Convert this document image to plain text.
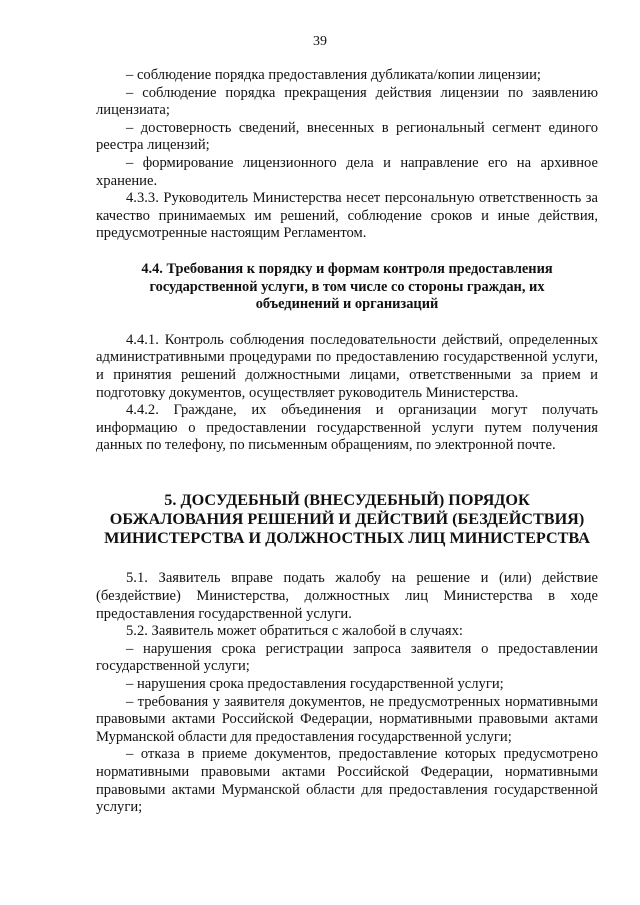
39

– соблюдение порядка предоставления дубликата/копии лицензии;

– соблюдение порядка прекращения действия лицензии по заявлению лицензиата;

– достоверность сведений, внесенных в региональный сегмент единого реестра лицензий;

– формирование лицензионного дела и направление его на архивное хранение.

4.3.3. Руководитель Министерства несет персональную ответственность за качество принимаемых им решений, соблюдение сроков и иные действия, предусмотренные настоящим Регламентом.

4.4. Требования к порядку и формам контроля предоставления государственной услуги, в том числе со стороны граждан, их объединений и организаций

4.4.1. Контроль соблюдения последовательности действий, определенных административными процедурами по предоставлению государственной услуги, и принятия решений должностными лицами, ответственными за прием и подготовку документов, осуществляет руководитель Министерства.

4.4.2. Граждане, их объединения и организации могут получать информацию о предоставлении государственной услуги путем получения данных по телефону, по письменным обращениям, по электронной почте.

5. ДОСУДЕБНЫЙ (ВНЕСУДЕБНЫЙ) ПОРЯДОК ОБЖАЛОВАНИЯ РЕШЕНИЙ И ДЕЙСТВИЙ (БЕЗДЕЙСТВИЯ) МИНИСТЕРСТВА И ДОЛЖНОСТНЫХ ЛИЦ МИНИСТЕРСТВА

5.1. Заявитель вправе подать жалобу на решение и (или) действие (бездействие) Министерства, должностных лиц Министерства в ходе предоставления государственной услуги.

5.2. Заявитель может обратиться с жалобой в случаях:

– нарушения срока регистрации запроса заявителя о предоставлении государственной услуги;

– нарушения срока предоставления государственной услуги;

– требования у заявителя документов, не предусмотренных нормативными правовыми актами Российской Федерации, нормативными правовыми актами Мурманской области для предоставления государственной услуги;

– отказа в приеме документов, предоставление которых предусмотрено нормативными правовыми актами Российской Федерации, нормативными правовыми актами Мурманской области для предоставления государственной услуги;
